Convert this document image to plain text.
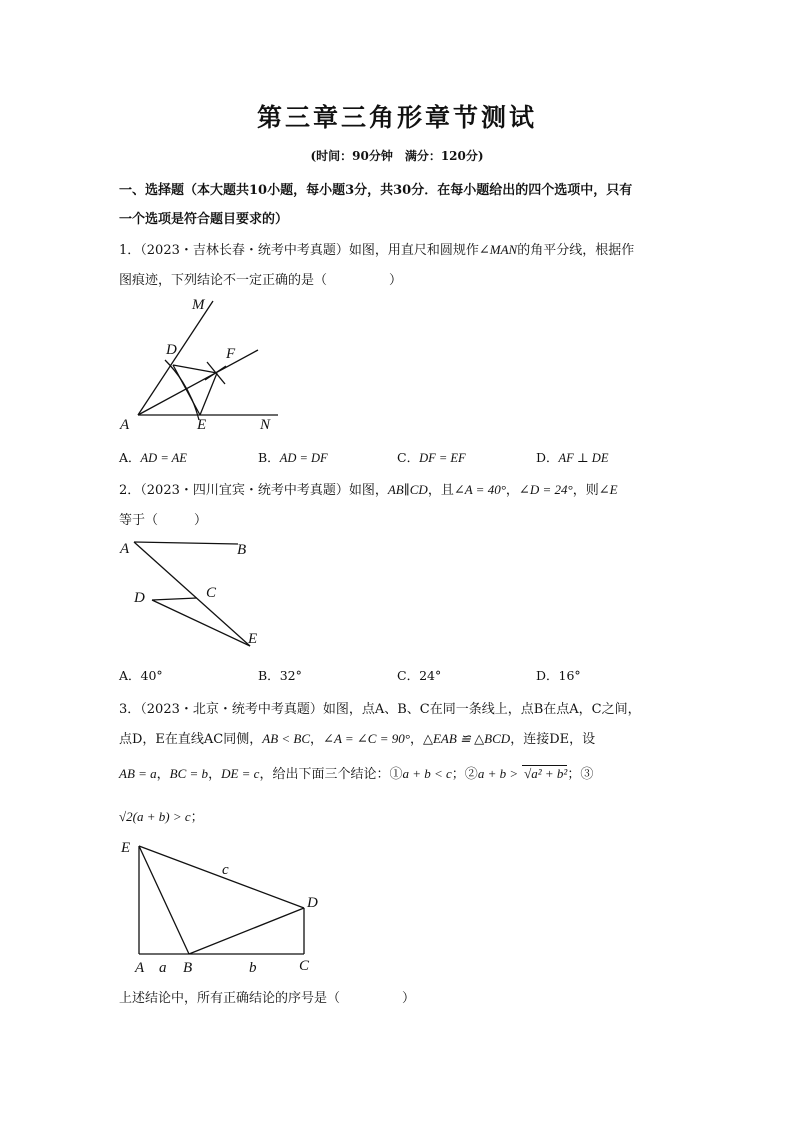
第三章三角形章节测试
(时间：90分钟　满分：120分)
一、选择题（本大题共10小题，每小题3分，共30分．在每小题给出的四个选项中，只有
一个选项是符合题目要求的）
1．（2023・吉林长春・统考中考真题）如图，用直尺和圆规作∠MAN的角平分线，根据作
图痕迹，下列结论不一定正确的是（	）
M
D	F
A	E	N
A．AD = AE	B．AD = DF	C．DF = EF	D．AF ⊥ DE
2．（2023・四川宜宾・统考中考真题）如图，AB∥CD，且∠A = 40°，∠D = 24°，则∠E
等于（	）
A	B
C
D
E
A．40°	B．32°	C．24°	D．16°
3．（2023・北京・统考中考真题）如图，点A、B、C在同一条线上，点B在点A，C之间，
点D，E在直线AC同侧，AB < BC，∠A = ∠C = 90°，△EAB ≌ △BCD，连接DE，设
AB = a，BC = b，DE = c，给出下面三个结论：①a + b < c；②a + b > √a² + b²；③
√2(a + b) > c；
E
c
D
A a B	b	C
上述结论中，所有正确结论的序号是（	）
